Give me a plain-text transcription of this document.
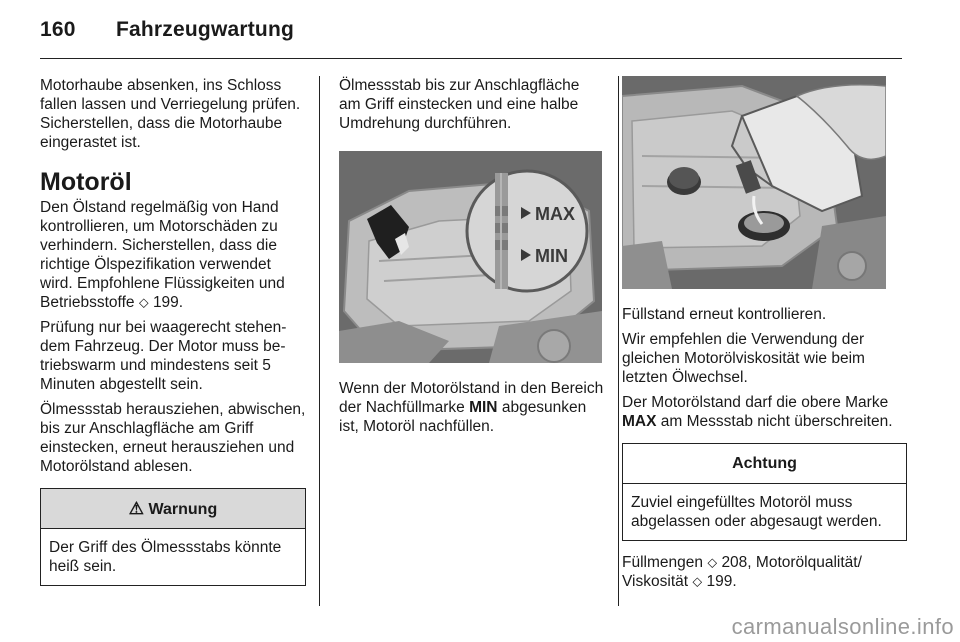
160 Fahrzeugwartung

Motorhaube absenken, ins Schloss fallen lassen und Verriegelung prüfen. Sicherstellen, dass die Motorhaube eingerastet ist.

Motoröl

Den Ölstand regelmäßig von Hand kontrollieren, um Motorschäden zu verhindern. Sicherstellen, dass die richtige Ölspezifikation verwendet wird. Empfohlene Flüssigkeiten und Betriebsstoffe ⬦ 199.

Prüfung nur bei waagerecht stehendem Fahrzeug. Der Motor muss betriebswarm und mindestens seit 5 Minuten abgestellt sein.

Ölmessstab herausziehen, abwischen, bis zur Anschlagfläche am Griff einstecken, erneut herausziehen und Motorölstand ablesen.

⚠ Warnung
Der Griff des Ölmessstabs könnte heiß sein.

Ölmessstab bis zur Anschlagfläche am Griff einstecken und eine halbe Umdrehung durchführen.

MAX
MIN

Wenn der Motorölstand in den Bereich der Nachfüllmarke MIN abgesunken ist, Motoröl nachfüllen.

Füllstand erneut kontrollieren.

Wir empfehlen die Verwendung der gleichen Motorölviskosität wie beim letzten Ölwechsel.

Der Motorölstand darf die obere Marke MAX am Messstab nicht überschreiten.

Achtung
Zuviel eingefülltes Motoröl muss abgelassen oder abgesaugt werden.

Füllmengen ⬦ 208, Motorölqualität/ Viskosität ⬦ 199.

carmanualsonline.info
